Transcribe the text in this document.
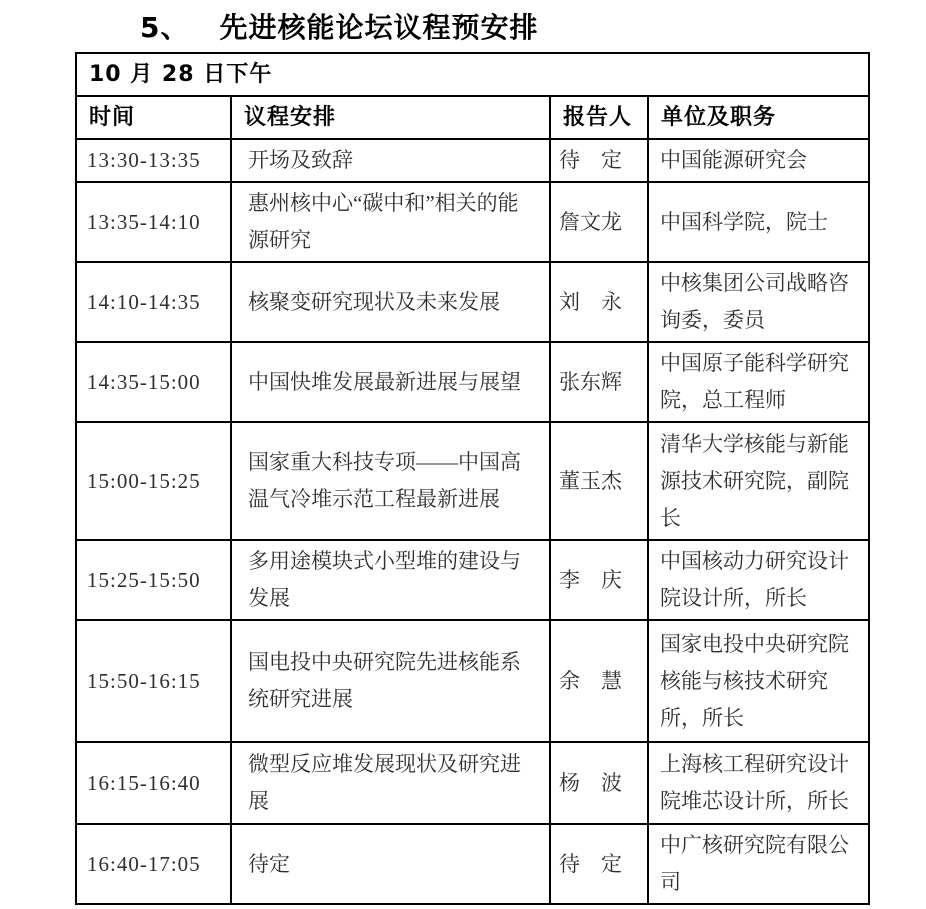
5、 先进核能论坛议程预安排
10 月 28 日下午			
时间	议程安排	报告人	单位及职务
13:30-13:35	开场及致辞	待　定	中国能源研究会
13:35-14:10	惠州核中心“碳中和”相关的能源研究	詹文龙	中国科学院，院士
14:10-14:35	核聚变研究现状及未来发展	刘　永	中核集团公司战略咨询委，委员
14:35-15:00	中国快堆发展最新进展与展望	张东辉	中国原子能科学研究院，总工程师
15:00-15:25	国家重大科技专项——中国高温气冷堆示范工程最新进展	董玉杰	清华大学核能与新能源技术研究院，副院长
15:25-15:50	多用途模块式小型堆的建设与发展	李　庆	中国核动力研究设计院设计所，所长
15:50-16:15	国电投中央研究院先进核能系统研究进展	余　慧	国家电投中央研究院核能与核技术研究所，所长
16:15-16:40	微型反应堆发展现状及研究进展	杨　波	上海核工程研究设计院堆芯设计所，所长
16:40-17:05	待定	待　定	中广核研究院有限公司
